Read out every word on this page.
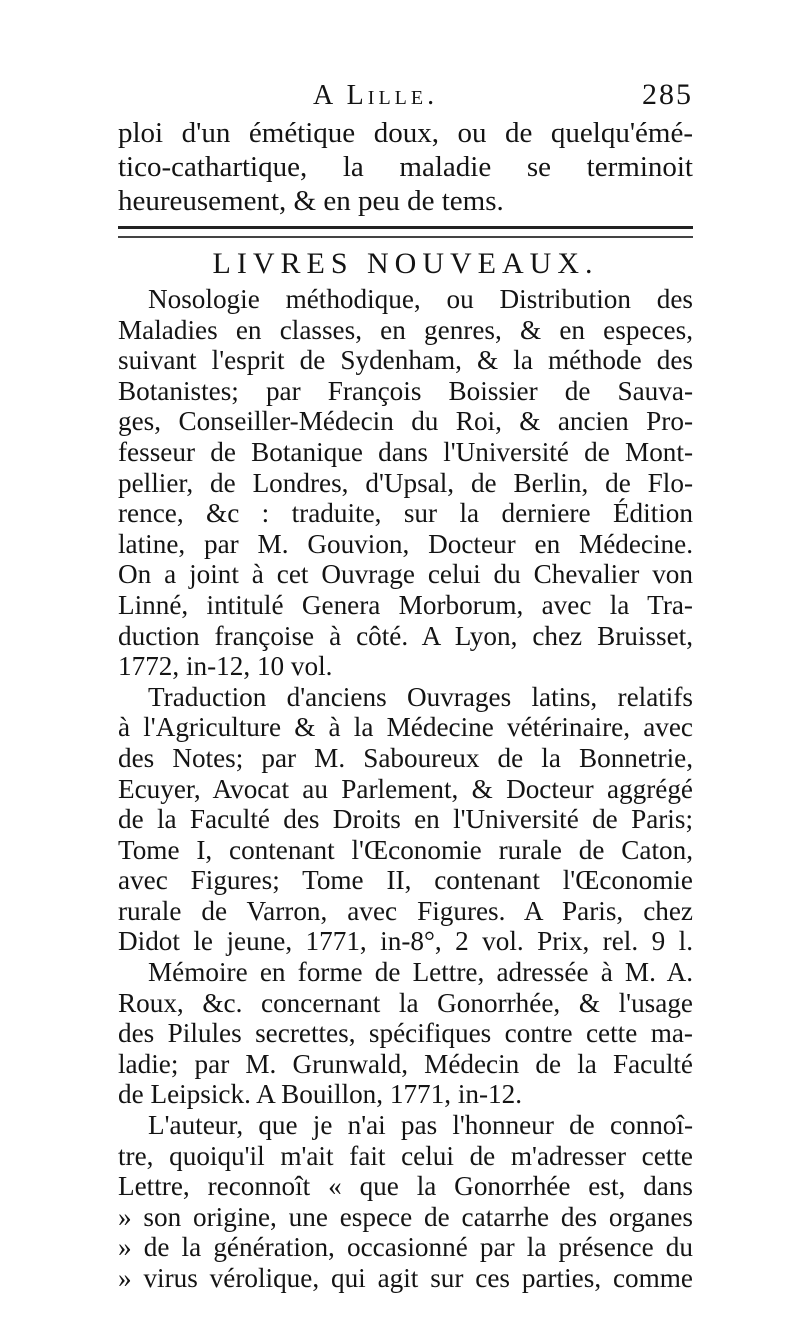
A Lille.	285
ploi d'un émétique doux, ou de quelqu'émé-
tico-cathartique, la maladie se terminoit
heureusement, & en peu de tems.
LIVRES NOUVEAUX.
Nosologie méthodique, ou Distribution des
Maladies en classes, en genres, & en especes,
suivant l'esprit de Sydenham, & la méthode des
Botanistes; par François Boissier de Sauva-
ges, Conseiller-Médecin du Roi, & ancien Pro-
fesseur de Botanique dans l'Université de Mont-
pellier, de Londres, d'Upsal, de Berlin, de Flo-
rence, &c : traduite, sur la derniere Édition
latine, par M. Gouvion, Docteur en Médecine.
On a joint à cet Ouvrage celui du Chevalier von
Linné, intitulé Genera Morborum, avec la Tra-
duction françoise à côté. A Lyon, chez Bruisset,
1772, in-12, 10 vol.
Traduction d'anciens Ouvrages latins, relatifs
à l'Agriculture & à la Médecine vétérinaire, avec
des Notes; par M. Saboureux de la Bonnetrie,
Ecuyer, Avocat au Parlement, & Docteur aggrégé
de la Faculté des Droits en l'Université de Paris;
Tome I, contenant l'Œconomie rurale de Caton,
avec Figures; Tome II, contenant l'Œconomie
rurale de Varron, avec Figures. A Paris, chez
Didot le jeune, 1771, in-8°, 2 vol. Prix, rel. 9 l.
Mémoire en forme de Lettre, adressée à M. A.
Roux, &c. concernant la Gonorrhée, & l'usage
des Pilules secrettes, spécifiques contre cette ma-
ladie; par M. Grunwald, Médecin de la Faculté
de Leipsick. A Bouillon, 1771, in-12.
L'auteur, que je n'ai pas l'honneur de connoî-
tre, quoiqu'il m'ait fait celui de m'adresser cette
Lettre, reconnoît « que la Gonorrhée est, dans
» son origine, une espece de catarrhe des organes
» de la génération, occasionné par la présence du
» virus vérolique, qui agit sur ces parties, comme
